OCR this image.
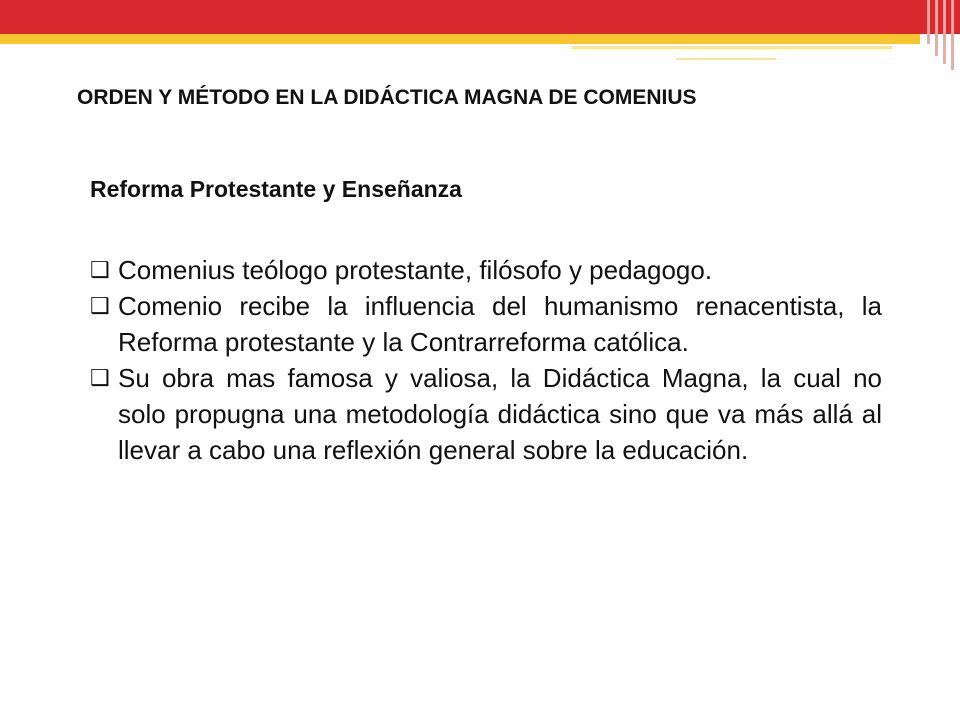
ORDEN Y MÉTODO EN LA DIDÁCTICA MAGNA DE COMENIUS
Reforma Protestante y Enseñanza
❑ Comenius teólogo protestante, filósofo y pedagogo.
❑ Comenio recibe la influencia del humanismo renacentista, la Reforma protestante y la Contrarreforma católica.
❑ Su obra mas famosa y valiosa, la Didáctica Magna, la cual no solo propugna una metodología didáctica sino que va más allá al llevar a cabo una reflexión general sobre la educación.
